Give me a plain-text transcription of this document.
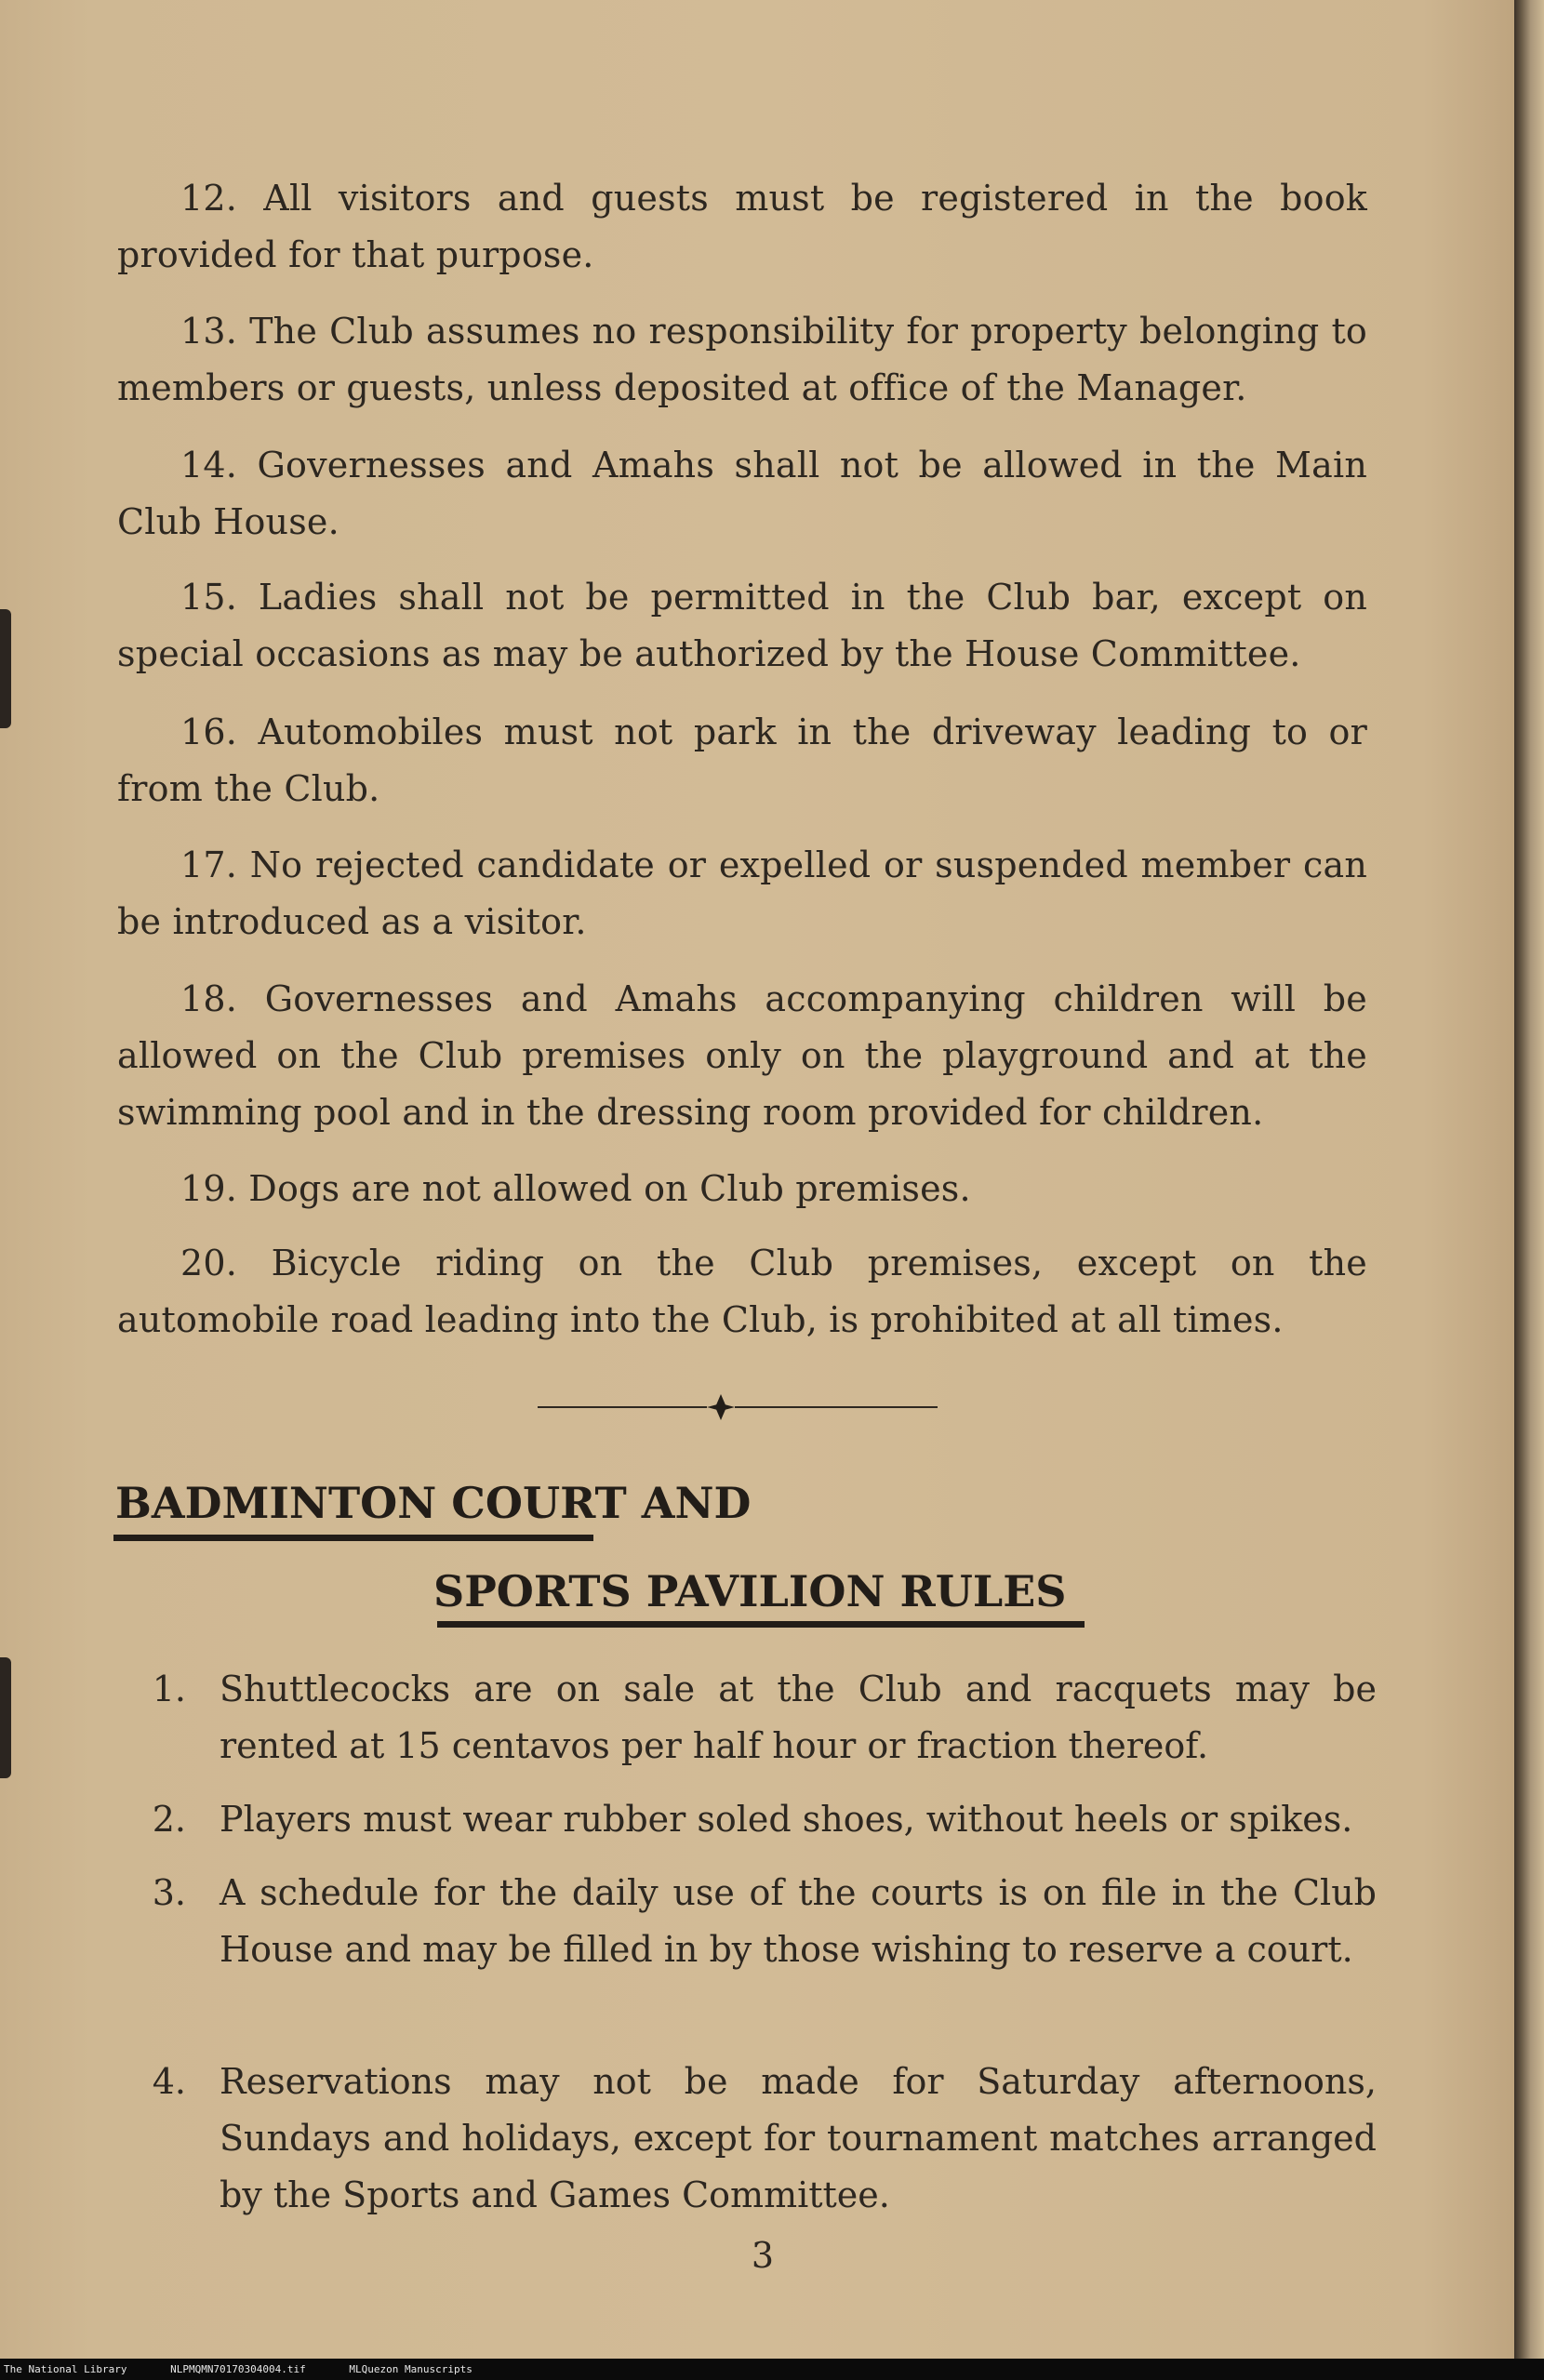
12. All visitors and guests must be registered in the book provided for that purpose.

13. The Club assumes no responsibility for property belonging to members or guests, unless deposited at office of the Manager.

14. Governesses and Amahs shall not be allowed in the Main Club House.

15. Ladies shall not be permitted in the Club bar, except on special occasions as may be authorized by the House Committee.

16. Automobiles must not park in the driveway leading to or from the Club.

17. No rejected candidate or expelled or suspended member can be introduced as a visitor.

18. Governesses and Amahs accompanying children will be allowed on the Club premises only on the playground and at the swimming pool and in the dressing room provided for children.

19. Dogs are not allowed on Club premises.

20. Bicycle riding on the Club premises, except on the automobile road leading into the Club, is prohibited at all times.

BADMINTON COURT AND
SPORTS PAVILION RULES
1. Shuttlecocks are on sale at the Club and racquets may be rented at 15 centavos per half hour or fraction thereof.
2. Players must wear rubber soled shoes, without heels or spikes.
3. A schedule for the daily use of the courts is on file in the Club House and may be filled in by those wishing to reserve a court.
4. Reservations may not be made for Saturday afternoons, Sundays and holidays, except for tournament matches arranged by the Sports and Games Committee.
3
The National Library	NLPMQMN70170304004.tif	MLQuezon Manuscripts
